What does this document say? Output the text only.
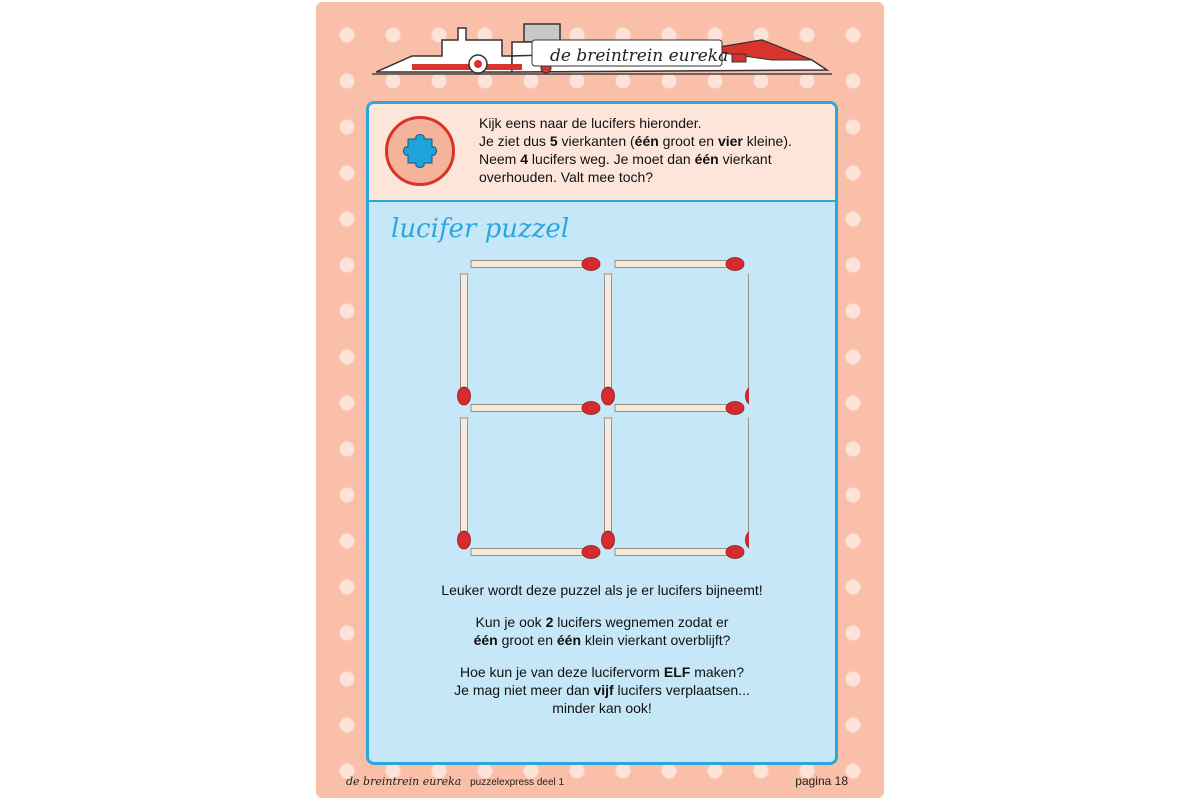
de breintrein eureka

Kijk eens naar de lucifers hieronder.

Je ziet dus 5 vierkanten (één groot en vier kleine).

Neem 4 lucifers weg. Je moet dan één vierkant

overhouden. Valt mee toch?

lucifer puzzel

Leuker wordt deze puzzel als je er lucifers bijneemt!

Kun je ook 2 lucifers wegnemen zodat er
één groot en één klein vierkant overblijft?

Hoe kun je van deze lucifervorm ELF maken?
Je mag niet meer dan vijf lucifers verplaatsen...
minder kan ook!

de breintrein eureka puzzelexpress deel 1	pagina 18
